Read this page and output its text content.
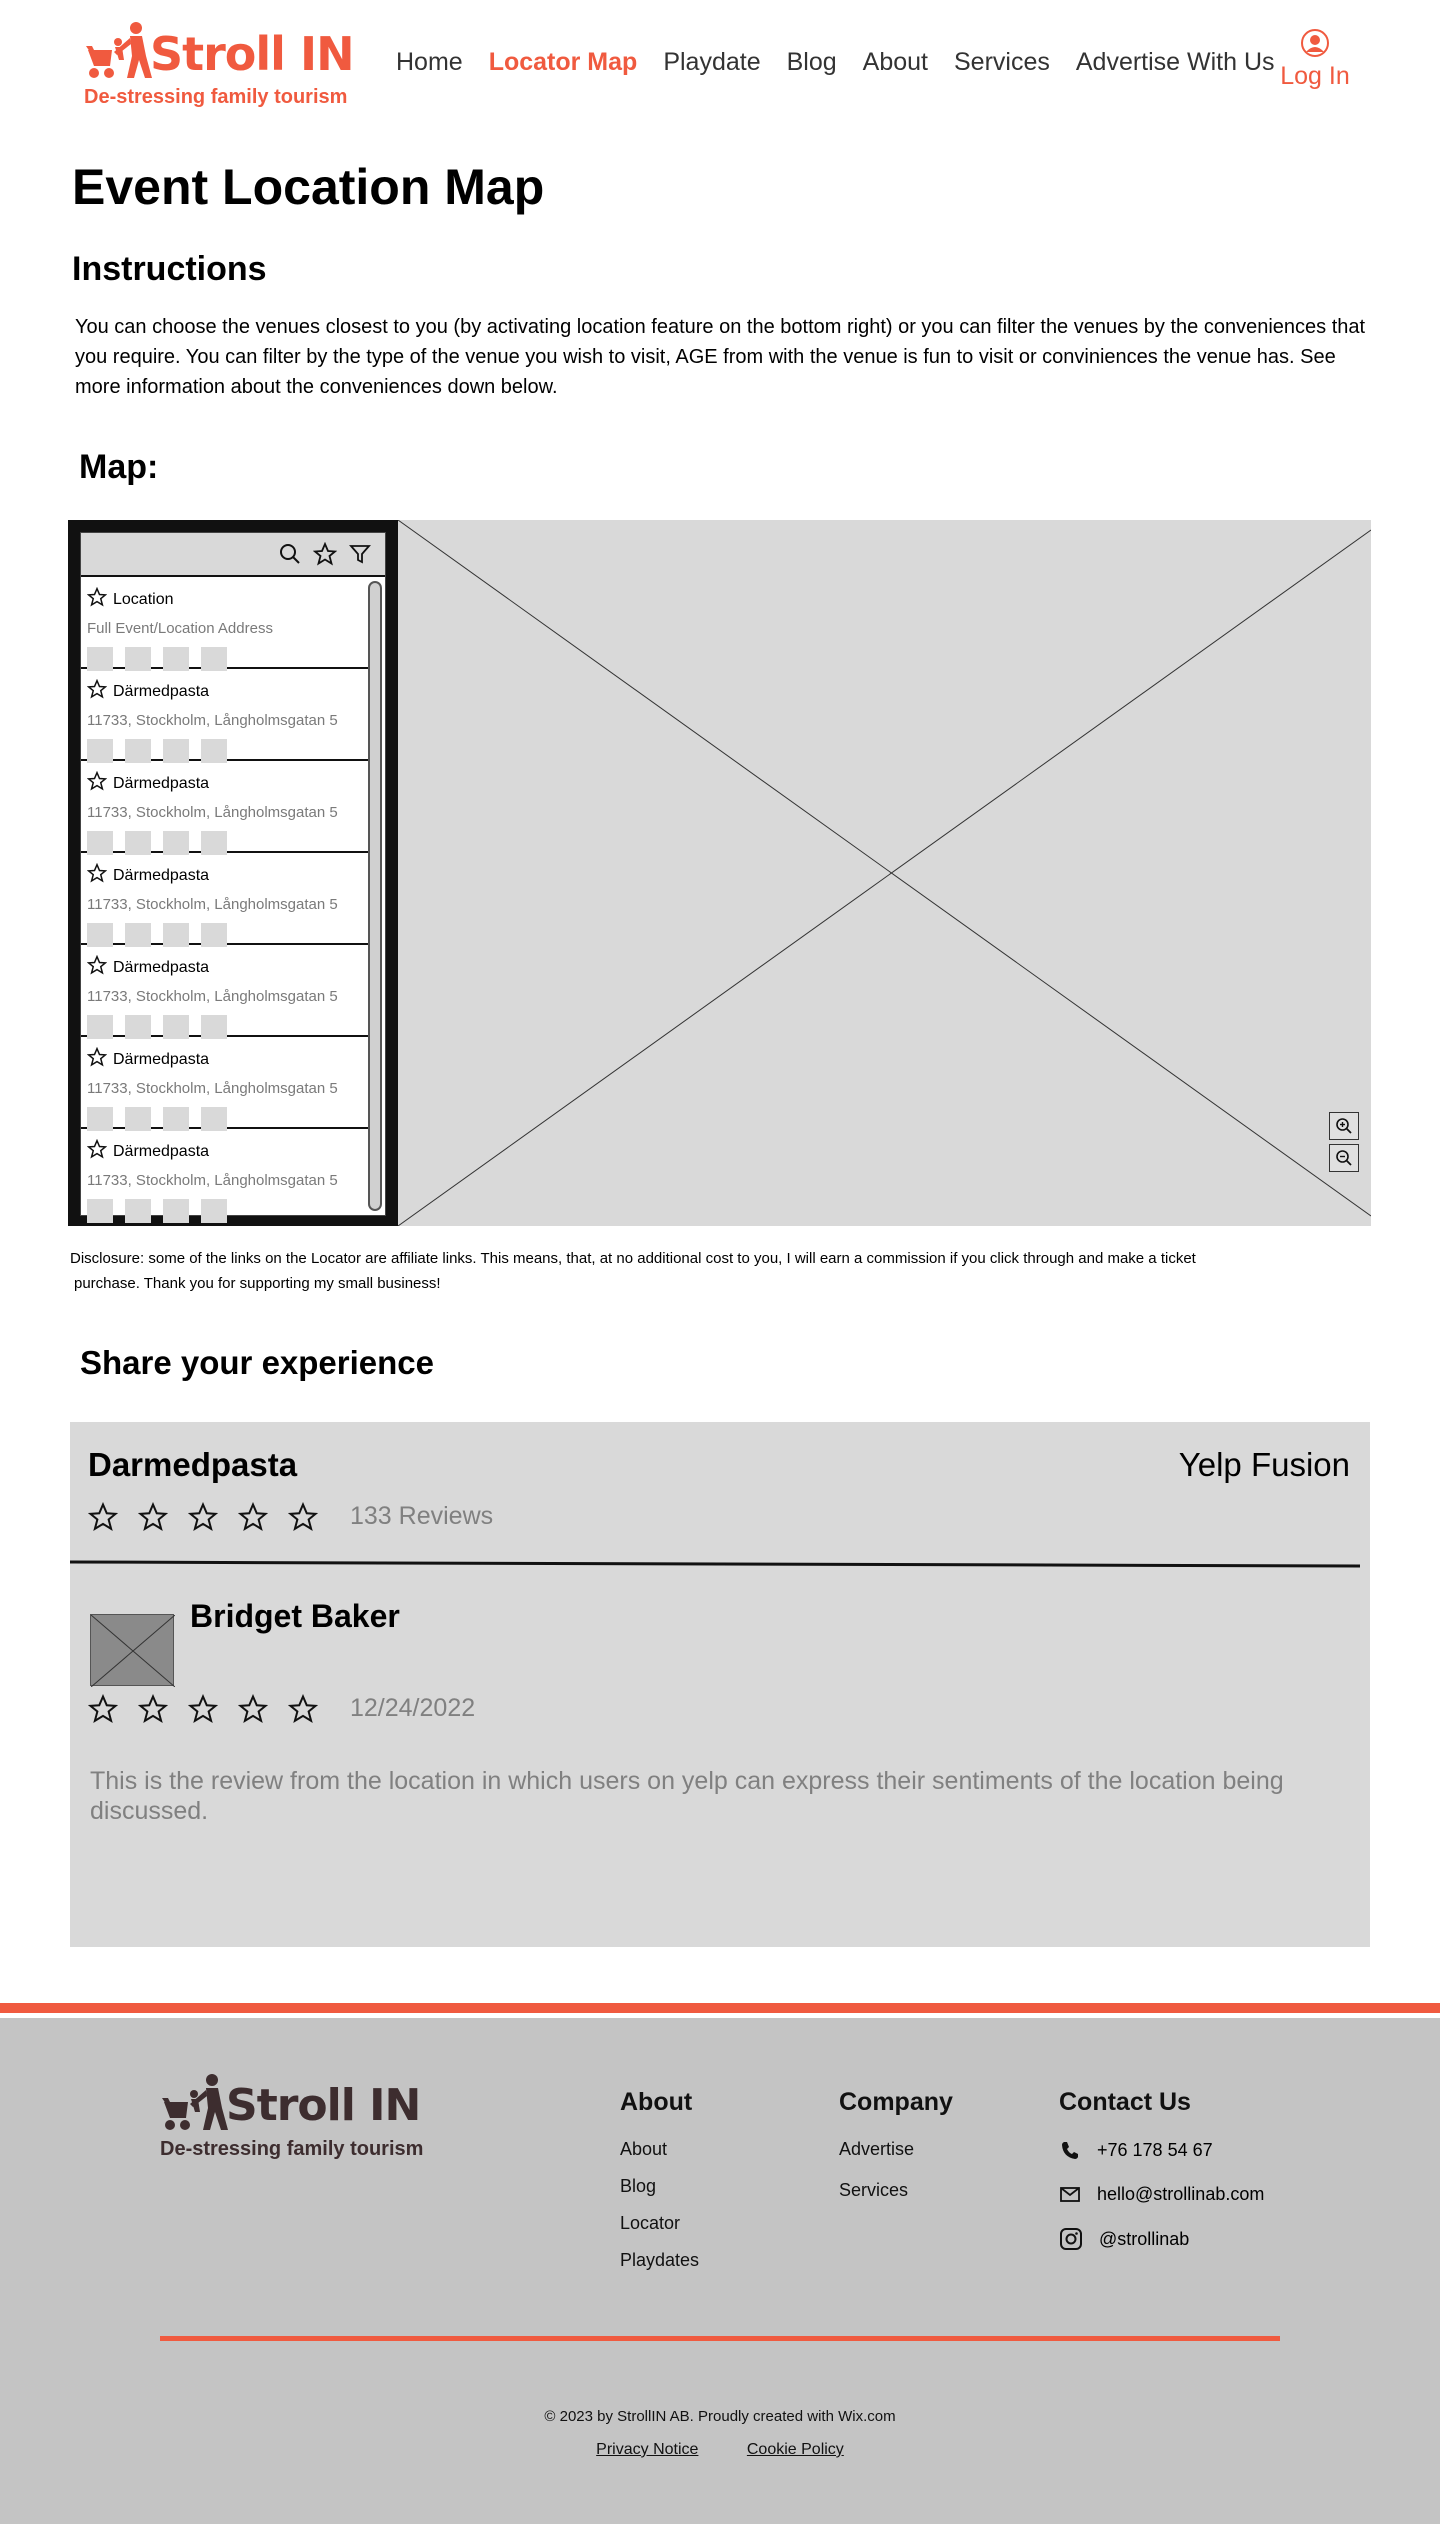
Stroll IN
De-stressing family tourism
Home Locator Map Playdate Blog About Services Advertise With Us Log In
Event Location Map
Instructions

You can choose the venues closest to you (by activating location feature on the bottom right) or you can filter the venues by the conveniences that you require. You can filter by the type of the venue you wish to visit, AGE from with the venue is fun to visit or conviniences the venue has. See more information about the conveniences down below.

Map:
Location
Full Event/Location Address
Därmedpasta
11733, Stockholm, Långholmsgatan 5
Därmedpasta
11733, Stockholm, Långholmsgatan 5
Därmedpasta
11733, Stockholm, Långholmsgatan 5
Därmedpasta
11733, Stockholm, Långholmsgatan 5
Därmedpasta
11733, Stockholm, Långholmsgatan 5
Därmedpasta
11733, Stockholm, Långholmsgatan 5
Disclosure: some of the links on the Locator are affiliate links. This means, that, at no additional cost to you, I will earn a commission if you click through and make a ticket
purchase. Thank you for supporting my small business!
Share your experience
Darmedpasta	Yelp Fusion
133 Reviews
Bridget Baker
12/24/2022
This is the review from the location in which users on yelp can express their sentiments of the location being discussed.
Stroll IN
De-stressing family tourism
About
About
Blog
Locator
Playdates
Company
Advertise
Services
Contact Us
+76 178 54 67
hello@strollinab.com
@strollinab
© 2023 by StrollIN AB. Proudly created with Wix.com
Privacy Notice	Cookie Policy
